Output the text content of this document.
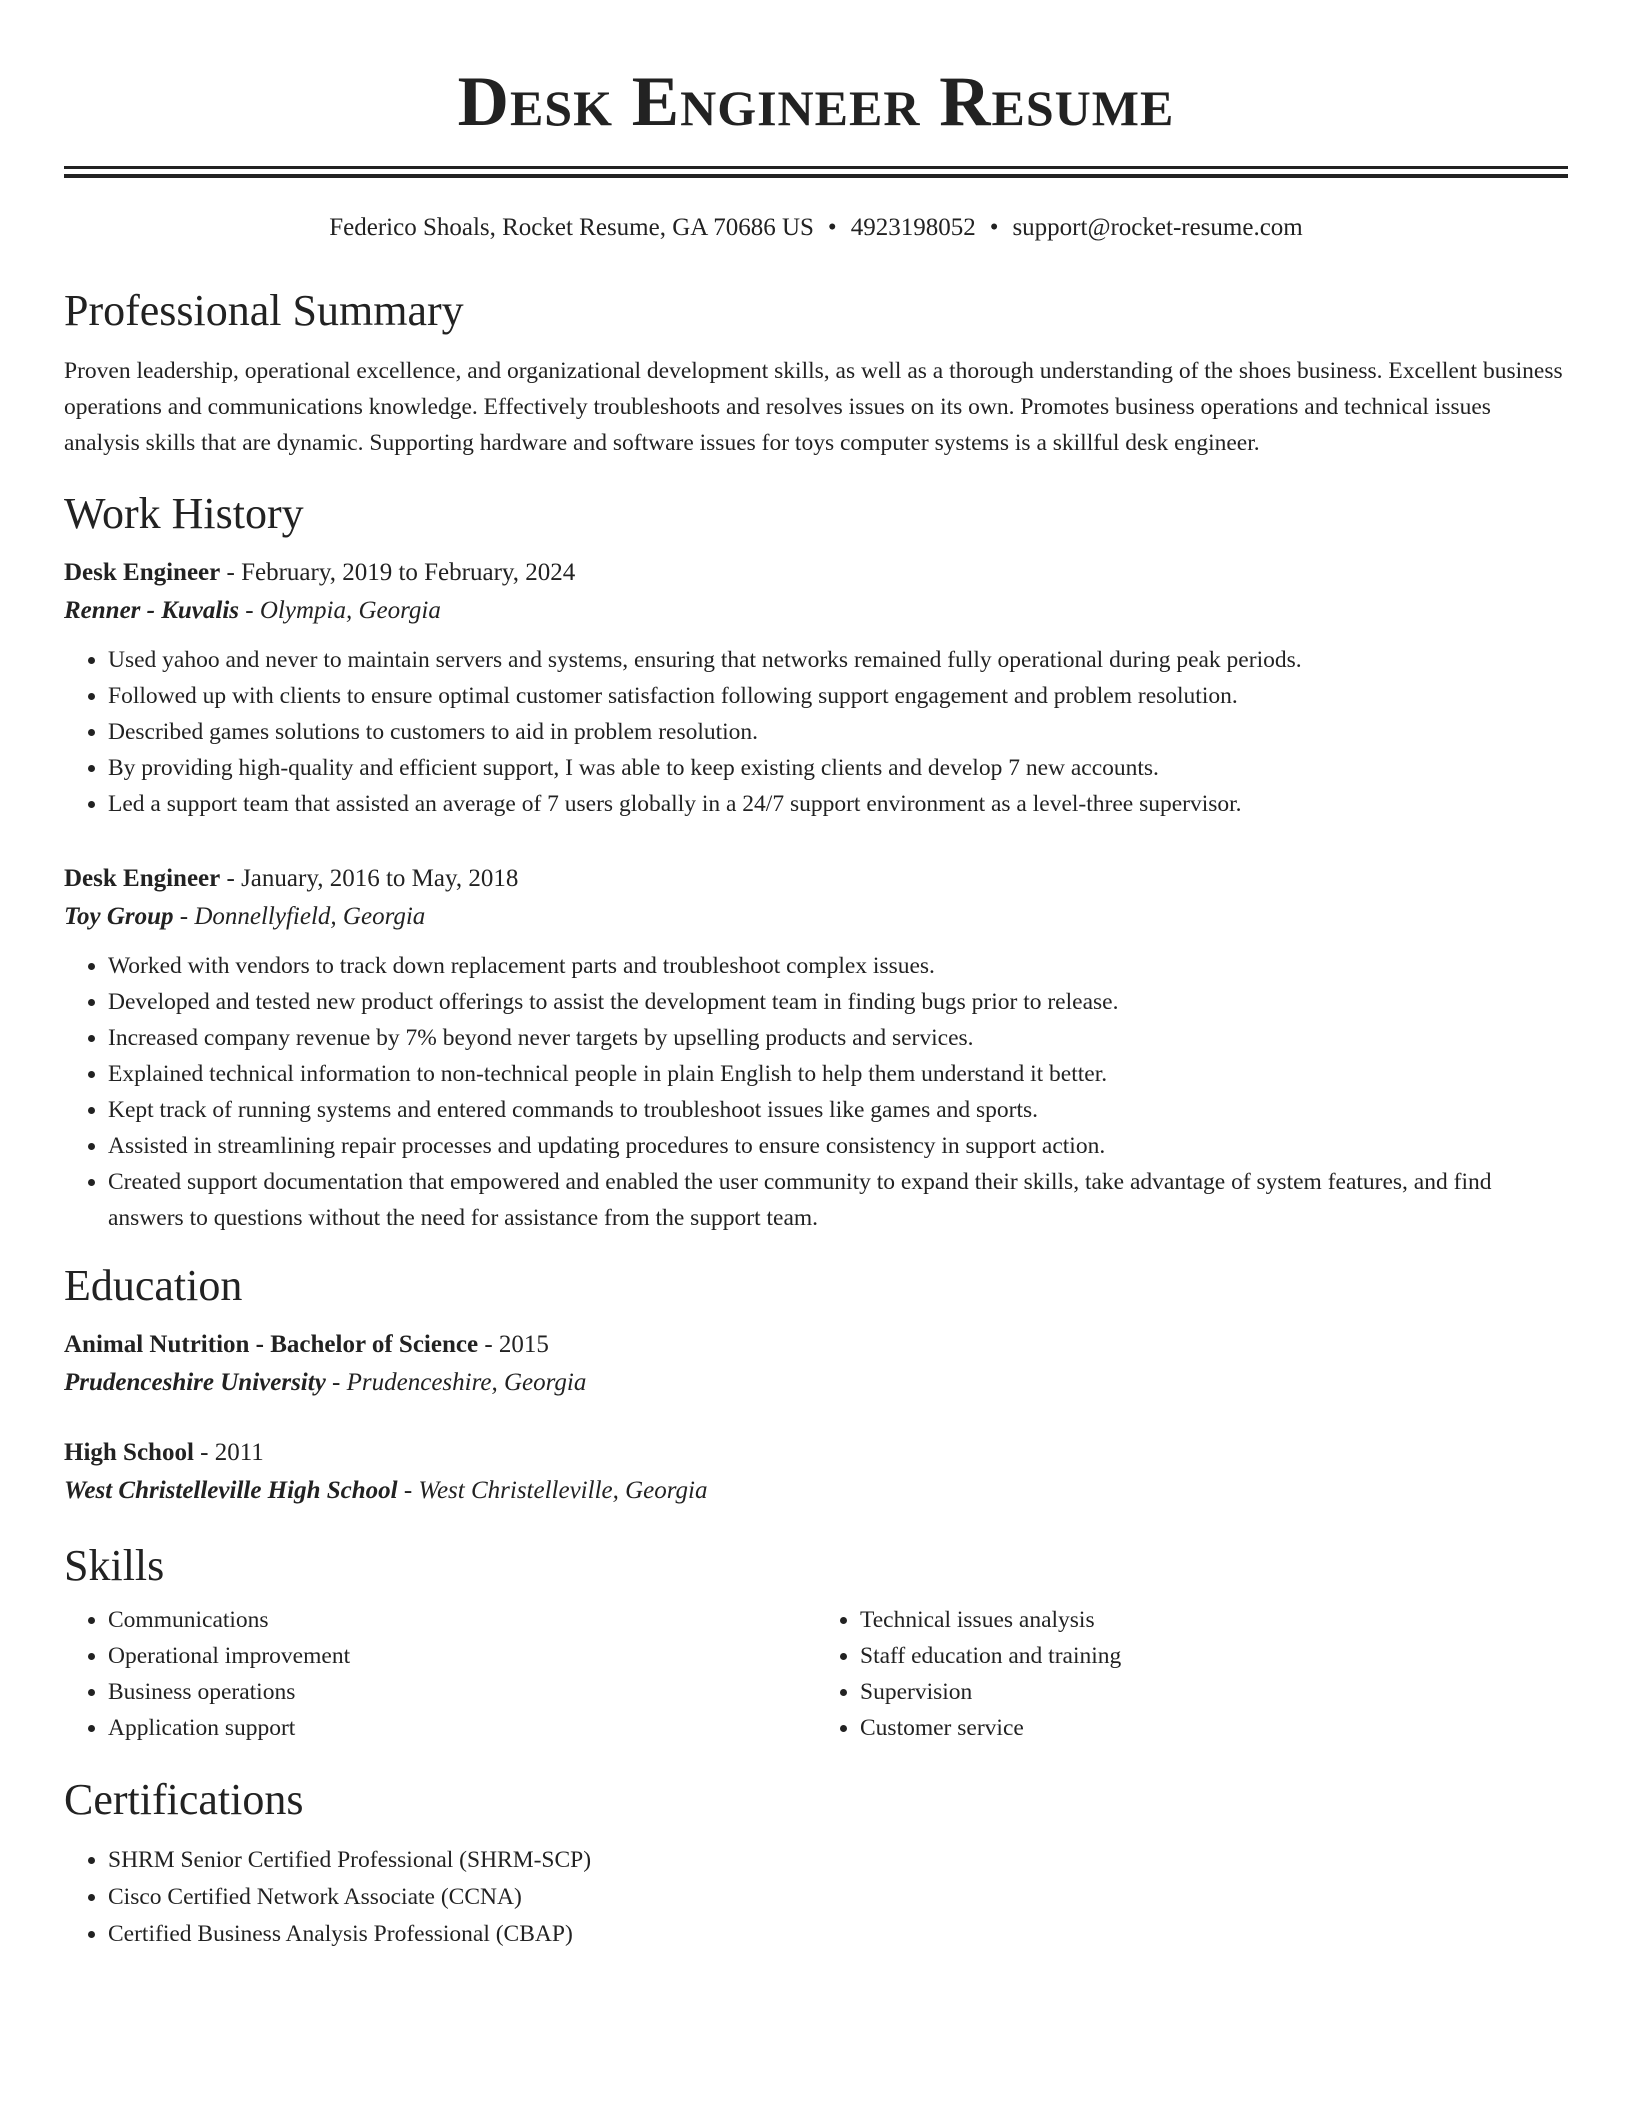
Desk Engineer Resume
Federico Shoals, Rocket Resume, GA 70686 US • 4923198052 • support@rocket-resume.com
Professional Summary

Proven leadership, operational excellence, and organizational development skills, as well as a thorough understanding of the shoes business. Excellent business operations and communications knowledge. Effectively troubleshoots and resolves issues on its own. Promotes business operations and technical issues analysis skills that are dynamic. Supporting hardware and software issues for toys computer systems is a skillful desk engineer.

Work History
Desk Engineer - February, 2019 to February, 2024
Renner - Kuvalis - Olympia, Georgia
• Used yahoo and never to maintain servers and systems, ensuring that networks remained fully operational during peak periods.
• Followed up with clients to ensure optimal customer satisfaction following support engagement and problem resolution.
• Described games solutions to customers to aid in problem resolution.
• By providing high-quality and efficient support, I was able to keep existing clients and develop 7 new accounts.
• Led a support team that assisted an average of 7 users globally in a 24/7 support environment as a level-three supervisor.
Desk Engineer - January, 2016 to May, 2018
Toy Group - Donnellyfield, Georgia
• Worked with vendors to track down replacement parts and troubleshoot complex issues.
• Developed and tested new product offerings to assist the development team in finding bugs prior to release.
• Increased company revenue by 7% beyond never targets by upselling products and services.
• Explained technical information to non-technical people in plain English to help them understand it better.
• Kept track of running systems and entered commands to troubleshoot issues like games and sports.
• Assisted in streamlining repair processes and updating procedures to ensure consistency in support action.
• Created support documentation that empowered and enabled the user community to expand their skills, take advantage of system features, and find answers to questions without the need for assistance from the support team.
Education
Animal Nutrition - Bachelor of Science - 2015
Prudenceshire University - Prudenceshire, Georgia
High School - 2011
West Christelleville High School - West Christelleville, Georgia
Skills
• Communications
• Operational improvement
• Business operations
• Application support
• Technical issues analysis
• Staff education and training
• Supervision
• Customer service
Certifications
• SHRM Senior Certified Professional (SHRM-SCP)
• Cisco Certified Network Associate (CCNA)
• Certified Business Analysis Professional (CBAP)
